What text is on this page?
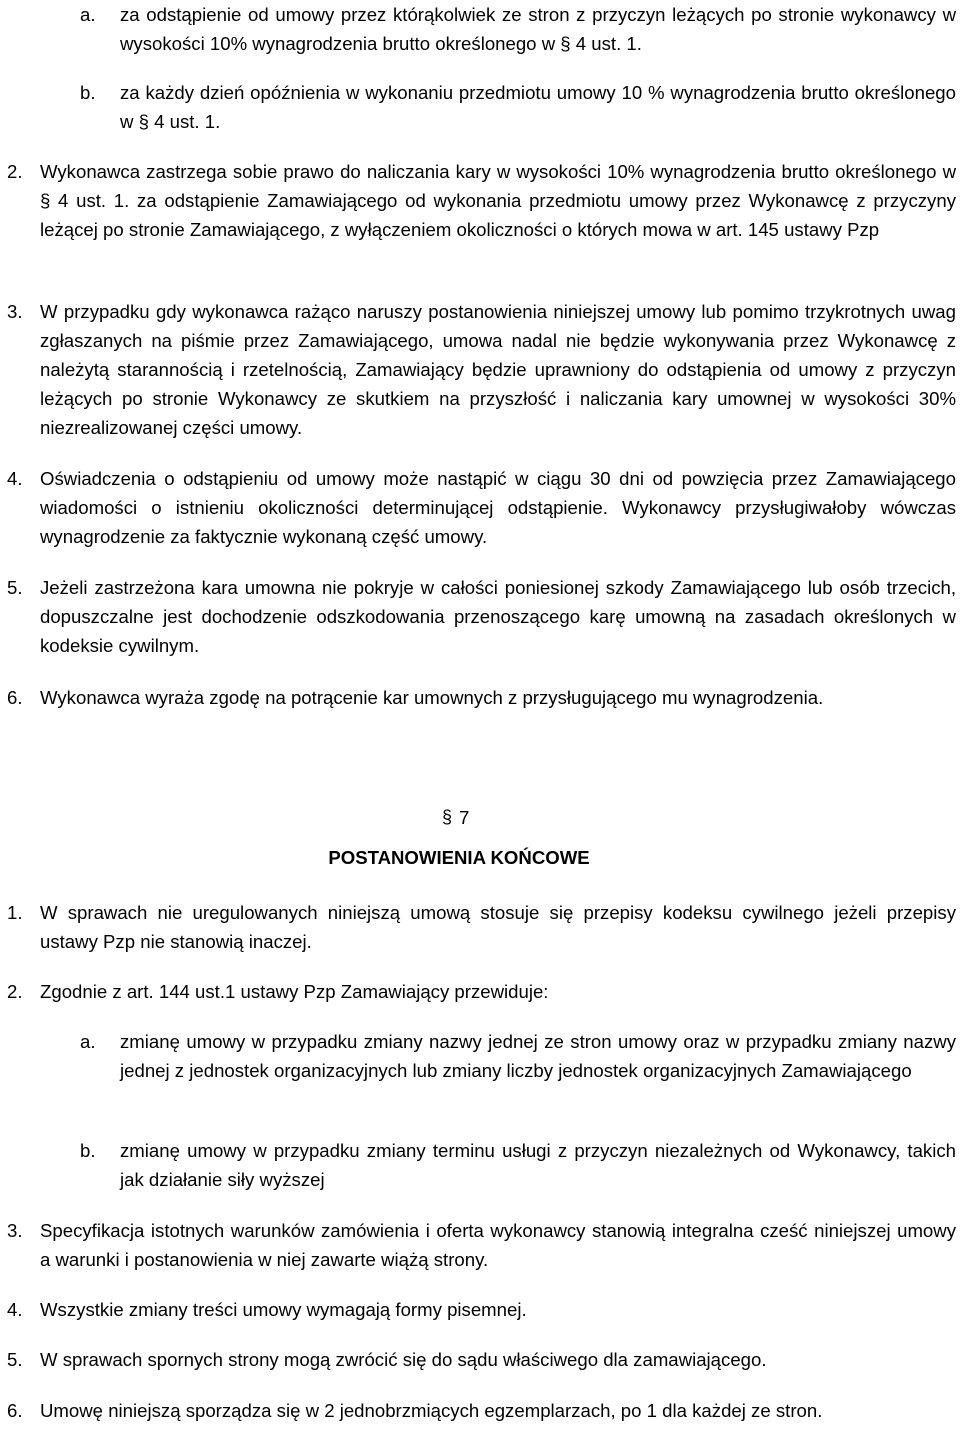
a. za odstąpienie od umowy przez którąkolwiek ze stron z przyczyn leżących po stronie wykonawcy w wysokości 10% wynagrodzenia brutto określonego w § 4 ust. 1.

b. za każdy dzień opóźnienia w wykonaniu przedmiotu umowy 10 % wynagrodzenia brutto określonego w § 4 ust. 1.

2. Wykonawca zastrzega sobie prawo do naliczania kary w wysokości 10% wynagrodzenia brutto określonego w § 4 ust. 1. za odstąpienie Zamawiającego od wykonania przedmiotu umowy przez Wykonawcę z przyczyny leżącej po stronie Zamawiającego, z wyłączeniem okoliczności o których mowa w art. 145 ustawy Pzp

3. W przypadku gdy wykonawca rażąco naruszy postanowienia niniejszej umowy lub pomimo trzykrotnych uwag zgłaszanych na piśmie przez Zamawiającego, umowa nadal nie będzie wykonywania przez Wykonawcę z należytą starannością i rzetelnością, Zamawiający będzie uprawniony do odstąpienia od umowy z przyczyn leżących po stronie Wykonawcy ze skutkiem na przyszłość i naliczania kary umownej w wysokości 30% niezrealizowanej części umowy.

4. Oświadczenia o odstąpieniu od umowy może nastąpić w ciągu 30 dni od powzięcia przez Zamawiającego wiadomości o istnieniu okoliczności determinującej odstąpienie. Wykonawcy przysługiwałoby wówczas wynagrodzenie za faktycznie wykonaną część umowy.

5. Jeżeli zastrzeżona kara umowna nie pokryje w całości poniesionej szkody Zamawiającego lub osób trzecich, dopuszczalne jest dochodzenie odszkodowania przenoszącego karę umowną na zasadach określonych w kodeksie cywilnym.

6. Wykonawca wyraża zgodę na potrącenie kar umownych z przysługującego mu wynagrodzenia.

§ 7
POSTANOWIENIA KOŃCOWE

1. W sprawach nie uregulowanych niniejszą umową stosuje się przepisy kodeksu cywilnego jeżeli przepisy ustawy Pzp nie stanowią inaczej.

2. Zgodnie z art. 144 ust.1 ustawy Pzp Zamawiający przewiduje:

a. zmianę umowy w przypadku zmiany nazwy jednej ze stron umowy oraz w przypadku zmiany nazwy jednej z jednostek organizacyjnych lub zmiany liczby jednostek organizacyjnych Zamawiającego

b. zmianę umowy w przypadku zmiany terminu usługi z przyczyn niezależnych od Wykonawcy, takich jak działanie siły wyższej

3. Specyfikacja istotnych warunków zamówienia i oferta wykonawcy stanowią integralna cześć niniejszej umowy a warunki i postanowienia w niej zawarte wiążą strony.

4. Wszystkie zmiany treści umowy wymagają formy pisemnej.

5. W sprawach spornych strony mogą zwrócić się do sądu właściwego dla zamawiającego.

6. Umowę niniejszą sporządza się w 2 jednobrzmiących egzemplarzach, po 1 dla każdej ze stron.
